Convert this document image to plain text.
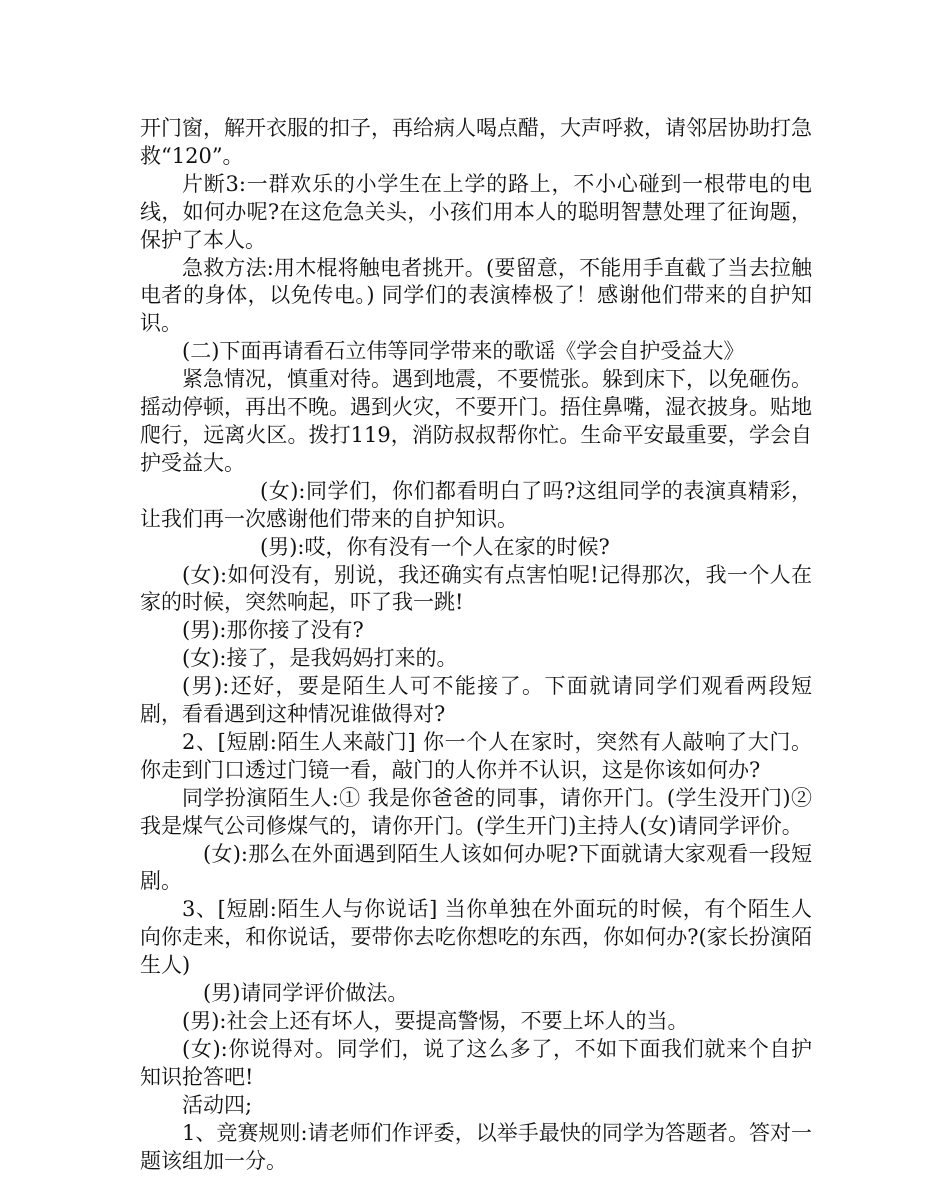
开门窗，解开衣服的扣子，再给病人喝点醋，大声呼救，请邻居协助打急救“120”。

片断3:一群欢乐的小学生在上学的路上，不小心碰到一根带电的电线，如何办呢?在这危急关头，小孩们用本人的聪明智慧处理了征询题，保护了本人。

急救方法:用木棍将触电者挑开。(要留意，不能用手直截了当去拉触电者的身体，以免传电。) 同学们的表演棒极了！感谢他们带来的自护知识。

(二)下面再请看石立伟等同学带来的歌谣《学会自护受益大》

紧急情况，慎重对待。遇到地震，不要慌张。躲到床下，以免砸伤。摇动停顿，再出不晚。遇到火灾，不要开门。捂住鼻嘴，湿衣披身。贴地爬行，远离火区。拨打119，消防叔叔帮你忙。生命平安最重要，学会自护受益大。

(女):同学们，你们都看明白了吗?这组同学的表演真精彩，让我们再一次感谢他们带来的自护知识。

(男):哎，你有没有一个人在家的时候?

(女):如何没有，别说，我还确实有点害怕呢!记得那次，我一个人在家的时候，突然响起，吓了我一跳!

(男):那你接了没有?

(女):接了，是我妈妈打来的。

(男):还好，要是陌生人可不能接了。下面就请同学们观看两段短剧，看看遇到这种情况谁做得对?

2、[短剧:陌生人来敲门] 你一个人在家时，突然有人敲响了大门。你走到门口透过门镜一看，敲门的人你并不认识，这是你该如何办?

同学扮演陌生人:① 我是你爸爸的同事，请你开门。(学生没开门)② 我是煤气公司修煤气的，请你开门。(学生开门)主持人(女)请同学评价。

(女):那么在外面遇到陌生人该如何办呢?下面就请大家观看一段短剧。

3、[短剧:陌生人与你说话] 当你单独在外面玩的时候，有个陌生人向你走来，和你说话，要带你去吃你想吃的东西，你如何办?(家长扮演陌生人)

(男)请同学评价做法。

(男):社会上还有坏人，要提高警惕，不要上坏人的当。

(女):你说得对。同学们，说了这么多了，不如下面我们就来个自护知识抢答吧!

活动四;

1、竞赛规则:请老师们作评委，以举手最快的同学为答题者。答对一题该组加一分。
